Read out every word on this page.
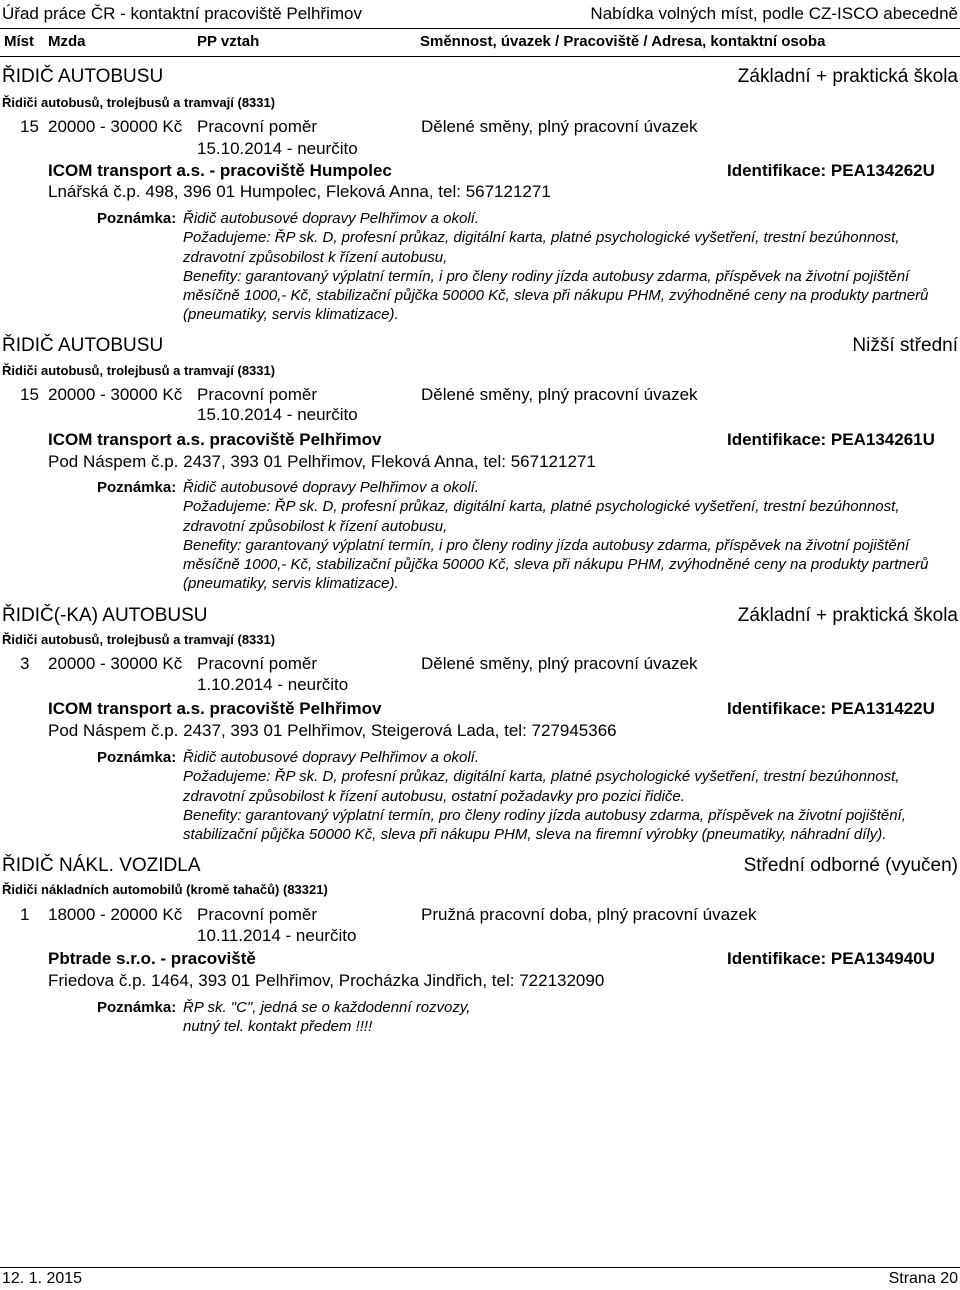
Úřad práce ČR - kontaktní pracoviště Pelhřimov	Nabídka volných míst, podle CZ-ISCO abecedně
Míst Mzda	PP vztah	Směnnost, úvazek / Pracoviště / Adresa, kontaktní osoba
ŘIDIČ AUTOBUSU	Základní + praktická škola
Řidiči autobusů, trolejbusů a tramvají (8331)
15 20000 - 30000 Kč Pracovní poměr	Dělené směny, plný pracovní úvazek
15.10.2014 - neurčito
ICOM transport a.s. - pracoviště Humpolec	Identifikace: PEA134262U
Lnářská č.p. 498, 396 01 Humpolec, Fleková Anna, tel: 567121271
Poznámka: Řidič autobusové dopravy Pelhřimov a okolí.
Požadujeme: ŘP sk. D, profesní průkaz, digitální karta, platné psychologické vyšetření, trestní bezúhonnost, zdravotní způsobilost k řízení autobusu,
Benefity: garantovaný výplatní termín, i pro členy rodiny jízda autobusy zdarma, příspěvek na životní pojištění měsíčně 1000,- Kč, stabilizační půjčka 50000 Kč, sleva při nákupu PHM, zvýhodněné ceny na produkty partnerů (pneumatiky, servis klimatizace).
ŘIDIČ AUTOBUSU	Nižší střední
Řidiči autobusů, trolejbusů a tramvají (8331)
15 20000 - 30000 Kč Pracovní poměr	Dělené směny, plný pracovní úvazek
15.10.2014 - neurčito
ICOM transport a.s. pracoviště Pelhřimov	Identifikace: PEA134261U
Pod Náspem č.p. 2437, 393 01 Pelhřimov, Fleková Anna, tel: 567121271
Poznámka: Řidič autobusové dopravy Pelhřimov a okolí.
Požadujeme: ŘP sk. D, profesní průkaz, digitální karta, platné psychologické vyšetření, trestní bezúhonnost, zdravotní způsobilost k řízení autobusu,
Benefity: garantovaný výplatní termín, i pro členy rodiny jízda autobusy zdarma, příspěvek na životní pojištění měsíčně 1000,- Kč, stabilizační půjčka 50000 Kč, sleva při nákupu PHM, zvýhodněné ceny na produkty partnerů (pneumatiky, servis klimatizace).
ŘIDIČ(-KA) AUTOBUSU	Základní + praktická škola
Řidiči autobusů, trolejbusů a tramvají (8331)
3 20000 - 30000 Kč Pracovní poměr	Dělené směny, plný pracovní úvazek
1.10.2014 - neurčito
ICOM transport a.s. pracoviště Pelhřimov	Identifikace: PEA131422U
Pod Náspem č.p. 2437, 393 01 Pelhřimov, Steigerová Lada, tel: 727945366
Poznámka: Řidič autobusové dopravy Pelhřimov a okolí.
Požadujeme: ŘP sk. D, profesní průkaz, digitální karta, platné psychologické vyšetření, trestní bezúhonnost, zdravotní způsobilost k řízení autobusu, ostatní požadavky pro pozici řidiče.
Benefity: garantovaný výplatní termín, pro členy rodiny jízda autobusy zdarma, příspěvek na životní pojištění, stabilizační půjčka 50000 Kč, sleva při nákupu PHM, sleva na firemní výrobky (pneumatiky, náhradní díly).
ŘIDIČ NÁKL. VOZIDLA	Střední odborné (vyučen)
Řidiči nákladních automobilů (kromě tahačů) (83321)
1 18000 - 20000 Kč Pracovní poměr	Pružná pracovní doba, plný pracovní úvazek
10.11.2014 - neurčito
Pbtrade s.r.o. - pracoviště	Identifikace: PEA134940U
Friedova č.p. 1464, 393 01 Pelhřimov, Procházka Jindřich, tel: 722132090
Poznámka: ŘP sk. "C", jedná se o každodenní rozvozy,
nutný tel. kontakt předem !!!!
12. 1. 2015	Strana 20
